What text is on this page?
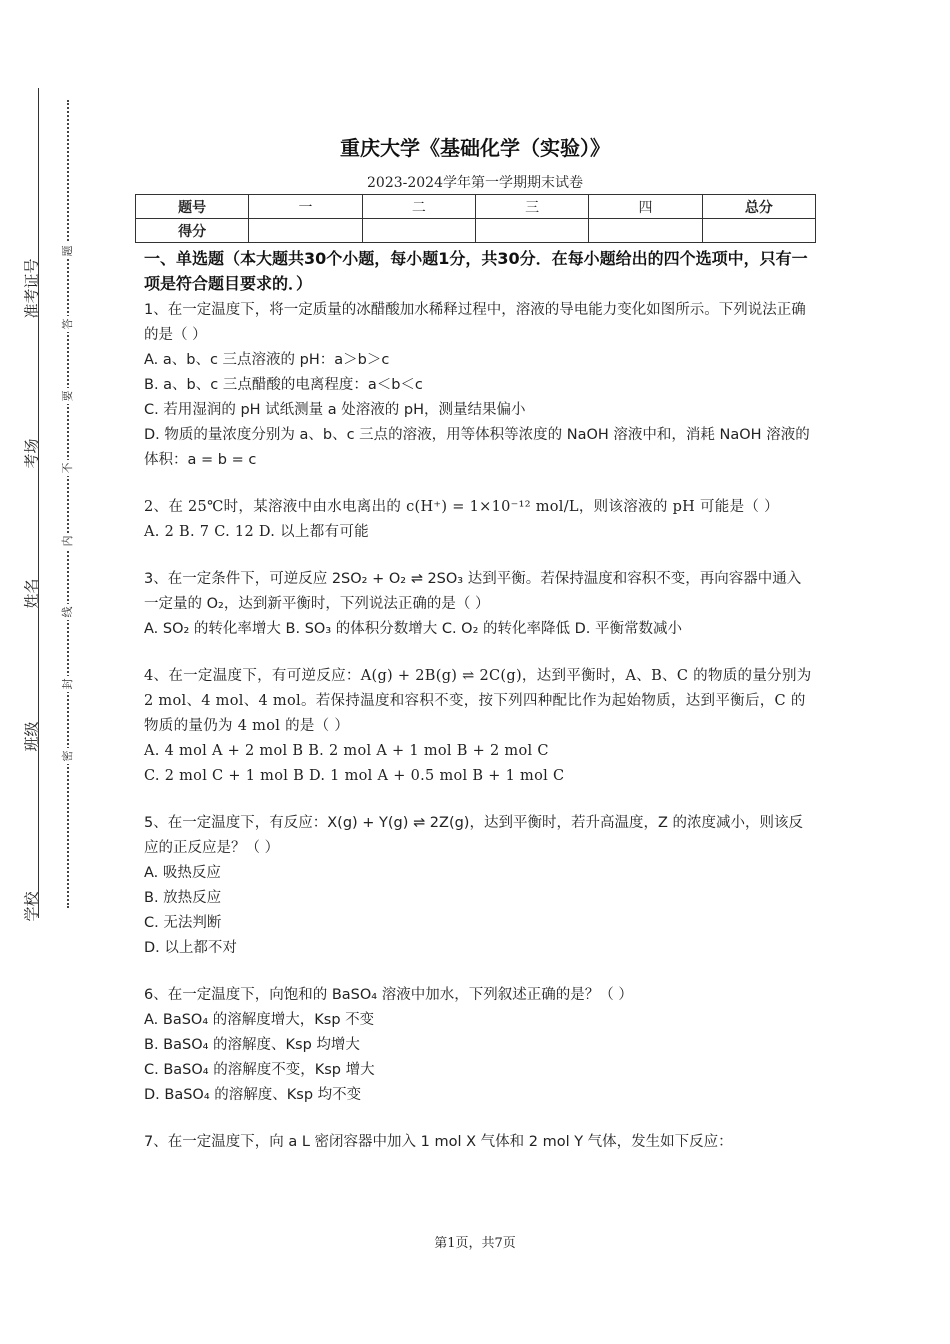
准考证号
考场
姓名
班级
学校
题
答
要
不
内
线
封
密
重庆大学《基础化学（实验）》
2023-2024学年第一学期期末试卷
题号	一	二	三	四	总分
得分					
一、单选题（本大题共30个小题，每小题1分，共30分．在每小题给出的四个选项中，只有一项是符合题目要求的．）

1、在一定温度下，将一定质量的冰醋酸加水稀释过程中，溶液的导电能力变化如图所示。下列说法正确的是（ ）

A. a、b、c 三点溶液的 pH：a＞b＞c

B. a、b、c 三点醋酸的电离程度：a＜b＜c

C. 若用湿润的 pH 试纸测量 a 处溶液的 pH，测量结果偏小

D. 物质的量浓度分别为 a、b、c 三点的溶液，用等体积等浓度的 NaOH 溶液中和，消耗 NaOH 溶液的体积：a = b = c

2、在 25℃时，某溶液中由水电离出的 c(H⁺) = 1×10⁻¹² mol/L，则该溶液的 pH 可能是（ ）

A. 2 B. 7 C. 12 D. 以上都有可能

3、在一定条件下，可逆反应 2SO₂ + O₂ ⇌ 2SO₃ 达到平衡。若保持温度和容积不变，再向容器中通入一定量的 O₂，达到新平衡时，下列说法正确的是（ ）

A. SO₂ 的转化率增大 B. SO₃ 的体积分数增大 C. O₂ 的转化率降低 D. 平衡常数减小

4、在一定温度下，有可逆反应：A(g) + 2B(g) ⇌ 2C(g)，达到平衡时，A、B、C 的物质的量分别为 2 mol、4 mol、4 mol。若保持温度和容积不变，按下列四种配比作为起始物质，达到平衡后，C 的物质的量仍为 4 mol 的是（ ）

A. 4 mol A + 2 mol B B. 2 mol A + 1 mol B + 2 mol C

C. 2 mol C + 1 mol B D. 1 mol A + 0.5 mol B + 1 mol C

5、在一定温度下，有反应：X(g) + Y(g) ⇌ 2Z(g)，达到平衡时，若升高温度，Z 的浓度减小，则该反应的正反应是？（ ）

A. 吸热反应

B. 放热反应

C. 无法判断

D. 以上都不对

6、在一定温度下，向饱和的 BaSO₄ 溶液中加水，下列叙述正确的是？（ ）

A. BaSO₄ 的溶解度增大，Ksp 不变

B. BaSO₄ 的溶解度、Ksp 均增大

C. BaSO₄ 的溶解度不变，Ksp 增大

D. BaSO₄ 的溶解度、Ksp 均不变

7、在一定温度下，向 a L 密闭容器中加入 1 mol X 气体和 2 mol Y 气体，发生如下反应：

第1页，共7页
